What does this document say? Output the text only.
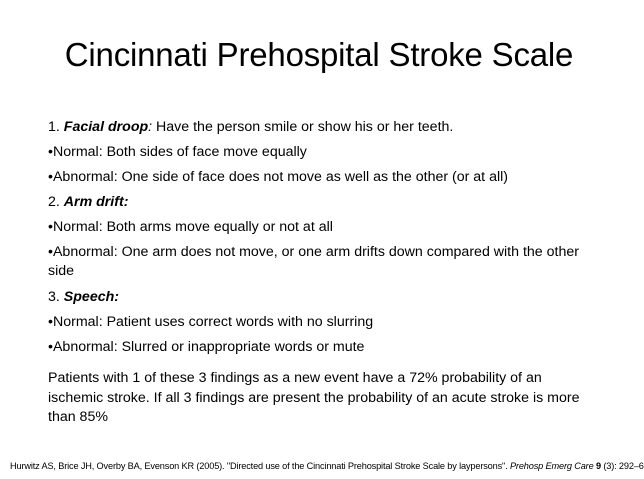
Cincinnati Prehospital Stroke Scale
1. Facial droop: Have the person smile or show his or her teeth.
•Normal: Both sides of face move equally
•Abnormal: One side of face does not move as well as the other (or at all)
2. Arm drift:
•Normal: Both arms move equally or not at all
•Abnormal: One arm does not move, or one arm drifts down compared with the other side
3. Speech:
•Normal: Patient uses correct words with no slurring
•Abnormal: Slurred or inappropriate words or mute
Patients with 1 of these 3 findings as a new event have a 72% probability of an ischemic stroke. If all 3 findings are present the probability of an acute stroke is more than 85%
Hurwitz AS, Brice JH, Overby BA, Evenson KR (2005). "Directed use of the Cincinnati Prehospital Stroke Scale by laypersons". Prehosp Emerg Care 9 (3): 292–6
